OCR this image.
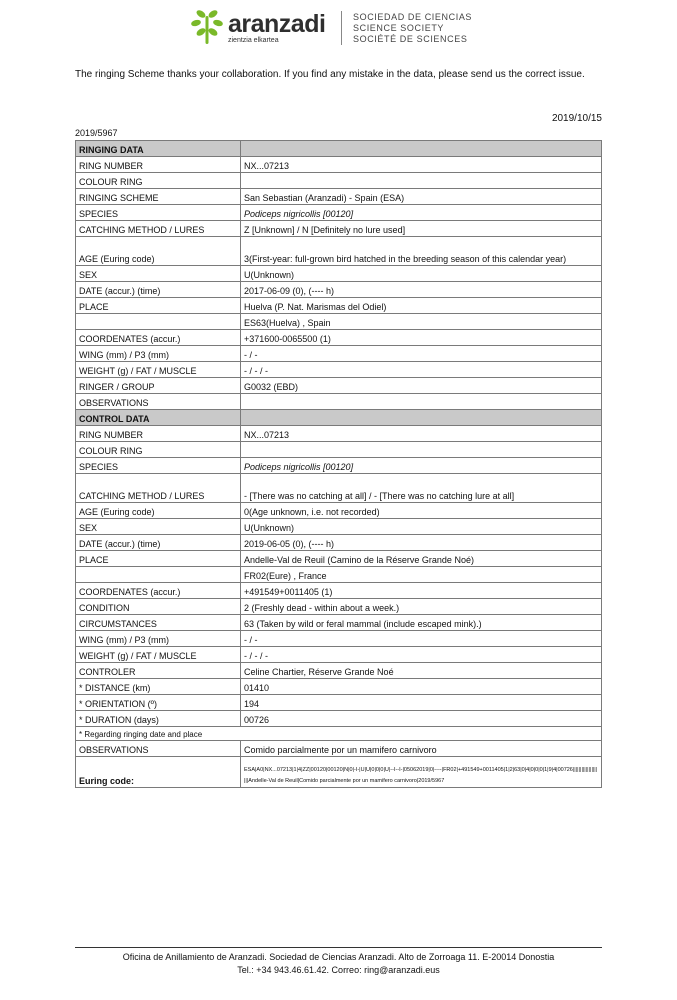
aranzadi
zientzia elkartea
SOCIEDAD DE CIENCIAS
SCIENCE SOCIETY
SOCIÉTÉ DE SCIENCES
The ringing Scheme thanks your collaboration. If you find any mistake in the data, please send us the correct issue.
2019/10/15
2019/5967
RINGING DATA	
RING NUMBER	NX...07213
COLOUR RING	
RINGING SCHEME	San Sebastian (Aranzadi) - Spain (ESA)
SPECIES	Podiceps nigricollis [00120]
CATCHING METHOD / LURES	Z [Unknown] / N [Definitely no lure used]
AGE (Euring code)	3(First-year: full-grown bird hatched in the breeding season of this calendar year)
SEX	U(Unknown)
DATE (accur.) (time)	2017-06-09 (0), (---- h)
PLACE	Huelva (P. Nat. Marismas del Odiel)
	ES63(Huelva) , Spain
COORDENATES (accur.)	+371600-0065500 (1)
WING (mm) / P3 (mm)	- / -
WEIGHT (g) / FAT / MUSCLE	- / - / -
RINGER / GROUP	G0032 (EBD)
OBSERVATIONS	
CONTROL DATA	
RING NUMBER	NX...07213
COLOUR RING	
SPECIES	Podiceps nigricollis [00120]
CATCHING METHOD / LURES	- [There was no catching at all] / - [There was no catching lure at all]
AGE (Euring code)	0(Age unknown, i.e. not recorded)
SEX	U(Unknown)
DATE (accur.) (time)	2019-06-05 (0), (---- h)
PLACE	Andelle-Val de Reuil (Camino de la Réserve Grande Noé)
	FR02(Eure) , France
COORDENATES (accur.)	+491549+0011405 (1)
CONDITION	2 (Freshly dead - within about a week.)
CIRCUMSTANCES	63 (Taken by wild or feral mammal (include escaped mink).)
WING (mm) / P3 (mm)	- / -
WEIGHT (g) / FAT / MUSCLE	- / - / -
CONTROLER	Celine Chartier, Réserve Grande Noé
* DISTANCE (km)	01410
* ORIENTATION (º)	194
* DURATION (days)	00726
* Regarding ringing date and place	
OBSERVATIONS	Comido parcialmente por un mamifero carnivoro
Euring code:	ESA|A0|NX...07213|1|4|ZZ|00120|00120|N|0|-I-|U|U|0|0|0|U|--I--I-|05062019|0|----|FR02|+491549+0011405|1|2|63|0|4|0|0|0|1|9|4|00726||||||||||||||||||||Andelle-Val de Reuil|Comido parcialmente por un mamifero carnivoro|2019/5967
Oficina de Anillamiento de Aranzadi. Sociedad de Ciencias Aranzadi. Alto de Zorroaga 11. E-20014 Donostia
Tel.: +34 943.46.61.42. Correo: ring@aranzadi.eus
